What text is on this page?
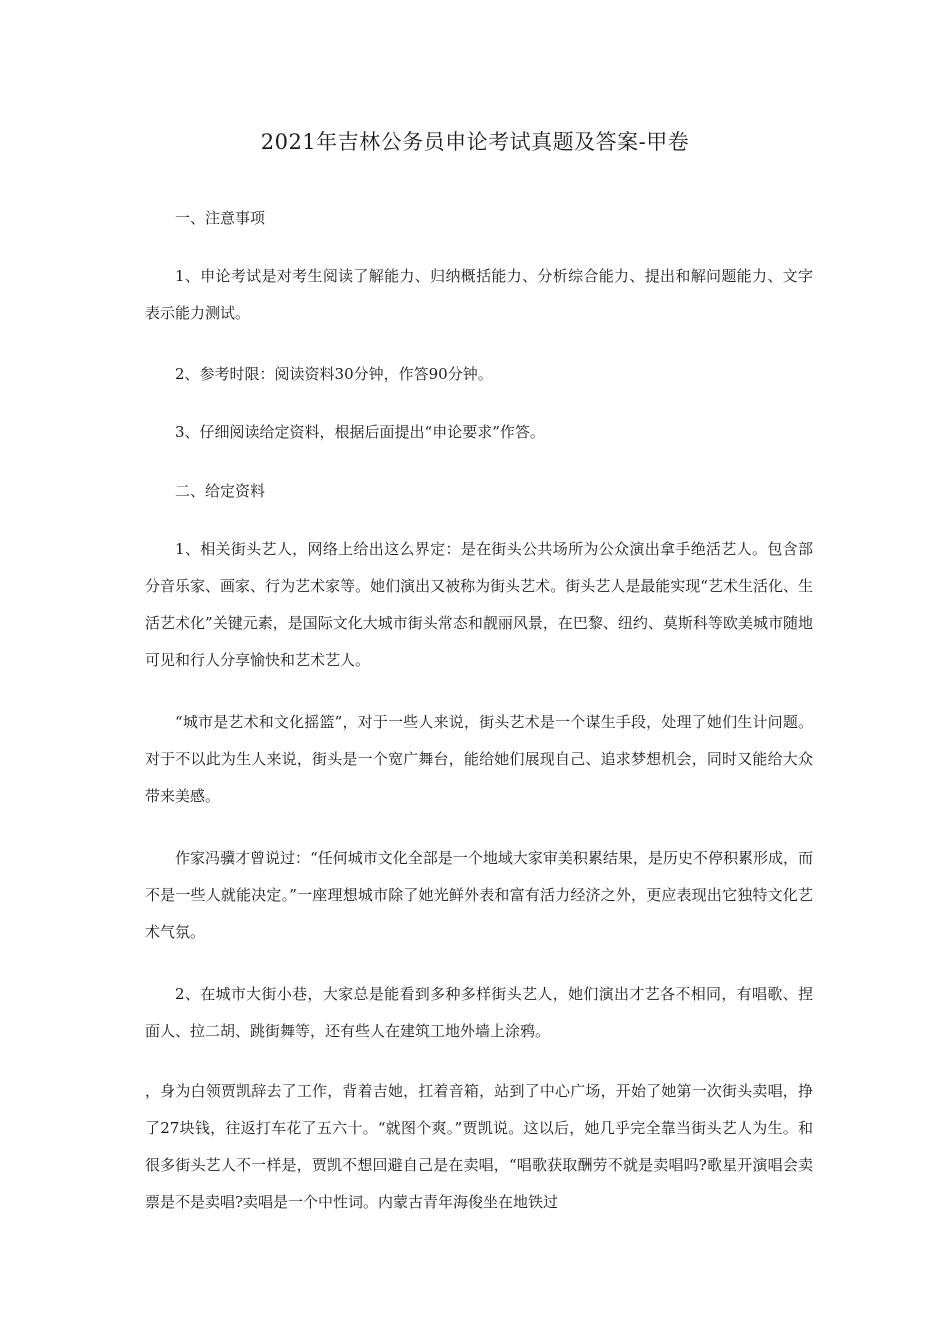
2021年吉林公务员申论考试真题及答案-甲卷

一、注意事项

1、申论考试是对考生阅读了解能力、归纳概括能力、分析综合能力、提出和解问题能力、文字表示能力测试。

2、参考时限：阅读资料30分钟，作答90分钟。

3、仔细阅读给定资料，根据后面提出“申论要求”作答。

二、给定资料

1、相关街头艺人，网络上给出这么界定：是在街头公共场所为公众演出拿手绝活艺人。包含部分音乐家、画家、行为艺术家等。她们演出又被称为街头艺术。街头艺人是最能实现“艺术生活化、生活艺术化”关键元素，是国际文化大城市街头常态和靓丽风景，在巴黎、纽约、莫斯科等欧美城市随地可见和行人分享愉快和艺术艺人。

“城市是艺术和文化摇篮”，对于一些人来说，街头艺术是一个谋生手段，处理了她们生计问题。对于不以此为生人来说，街头是一个宽广舞台，能给她们展现自己、追求梦想机会，同时又能给大众带来美感。

作家冯骥才曾说过：“任何城市文化全部是一个地域大家审美积累结果，是历史不停积累形成，而不是一些人就能决定。”一座理想城市除了她光鲜外表和富有活力经济之外，更应表现出它独特文化艺术气氛。

2、在城市大街小巷，大家总是能看到多种多样街头艺人，她们演出才艺各不相同，有唱歌、捏面人、拉二胡、跳街舞等，还有些人在建筑工地外墙上涂鸦。

，身为白领贾凯辞去了工作，背着吉她，扛着音箱，站到了中心广场，开始了她第一次街头卖唱，挣了27块钱，往返打车花了五六十。“就图个爽。”贾凯说。这以后，她几乎完全靠当街头艺人为生。和很多街头艺人不一样是，贾凯不想回避自己是在卖唱，“唱歌获取酬劳不就是卖唱吗?歌星开演唱会卖票是不是卖唱?卖唱是一个中性词。内蒙古青年海俊坐在地铁过
